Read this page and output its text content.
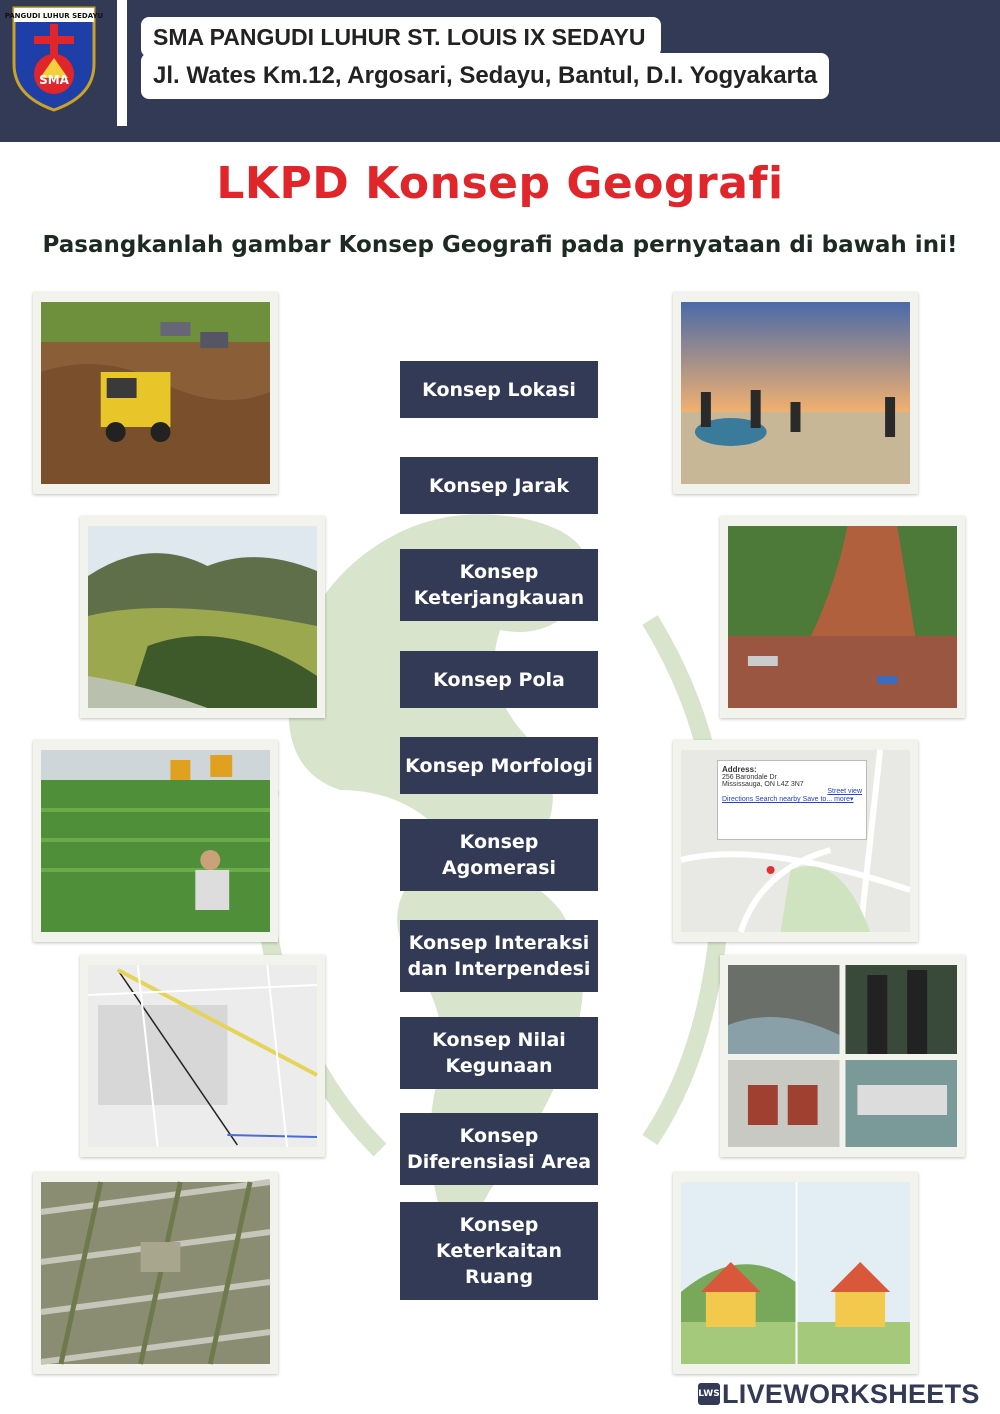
PANGUDI LUHUR SEDAYU
SMA
SMA PANGUDI LUHUR ST. LOUIS IX SEDAYU
Jl. Wates Km.12, Argosari, Sedayu, Bantul, D.I. Yogyakarta
LKPD Konsep Geografi
Pasangkanlah gambar Konsep Geografi pada pernyataan di bawah ini!
Address:
256 Barondale Dr
Mississauga, ON L4Z 3N7
Street view
Directions Search nearby Save to... more▾
Konsep Lokasi
Konsep Jarak
Konsep
Keterjangkauan
Konsep Pola
Konsep Morfologi
Konsep
Agomerasi
Konsep Interaksi
dan Interpendesi
Konsep Nilai
Kegunaan
Konsep
Diferensiasi Area
Konsep
Keterkaitan
Ruang
LWS LIVEWORKSHEETS
